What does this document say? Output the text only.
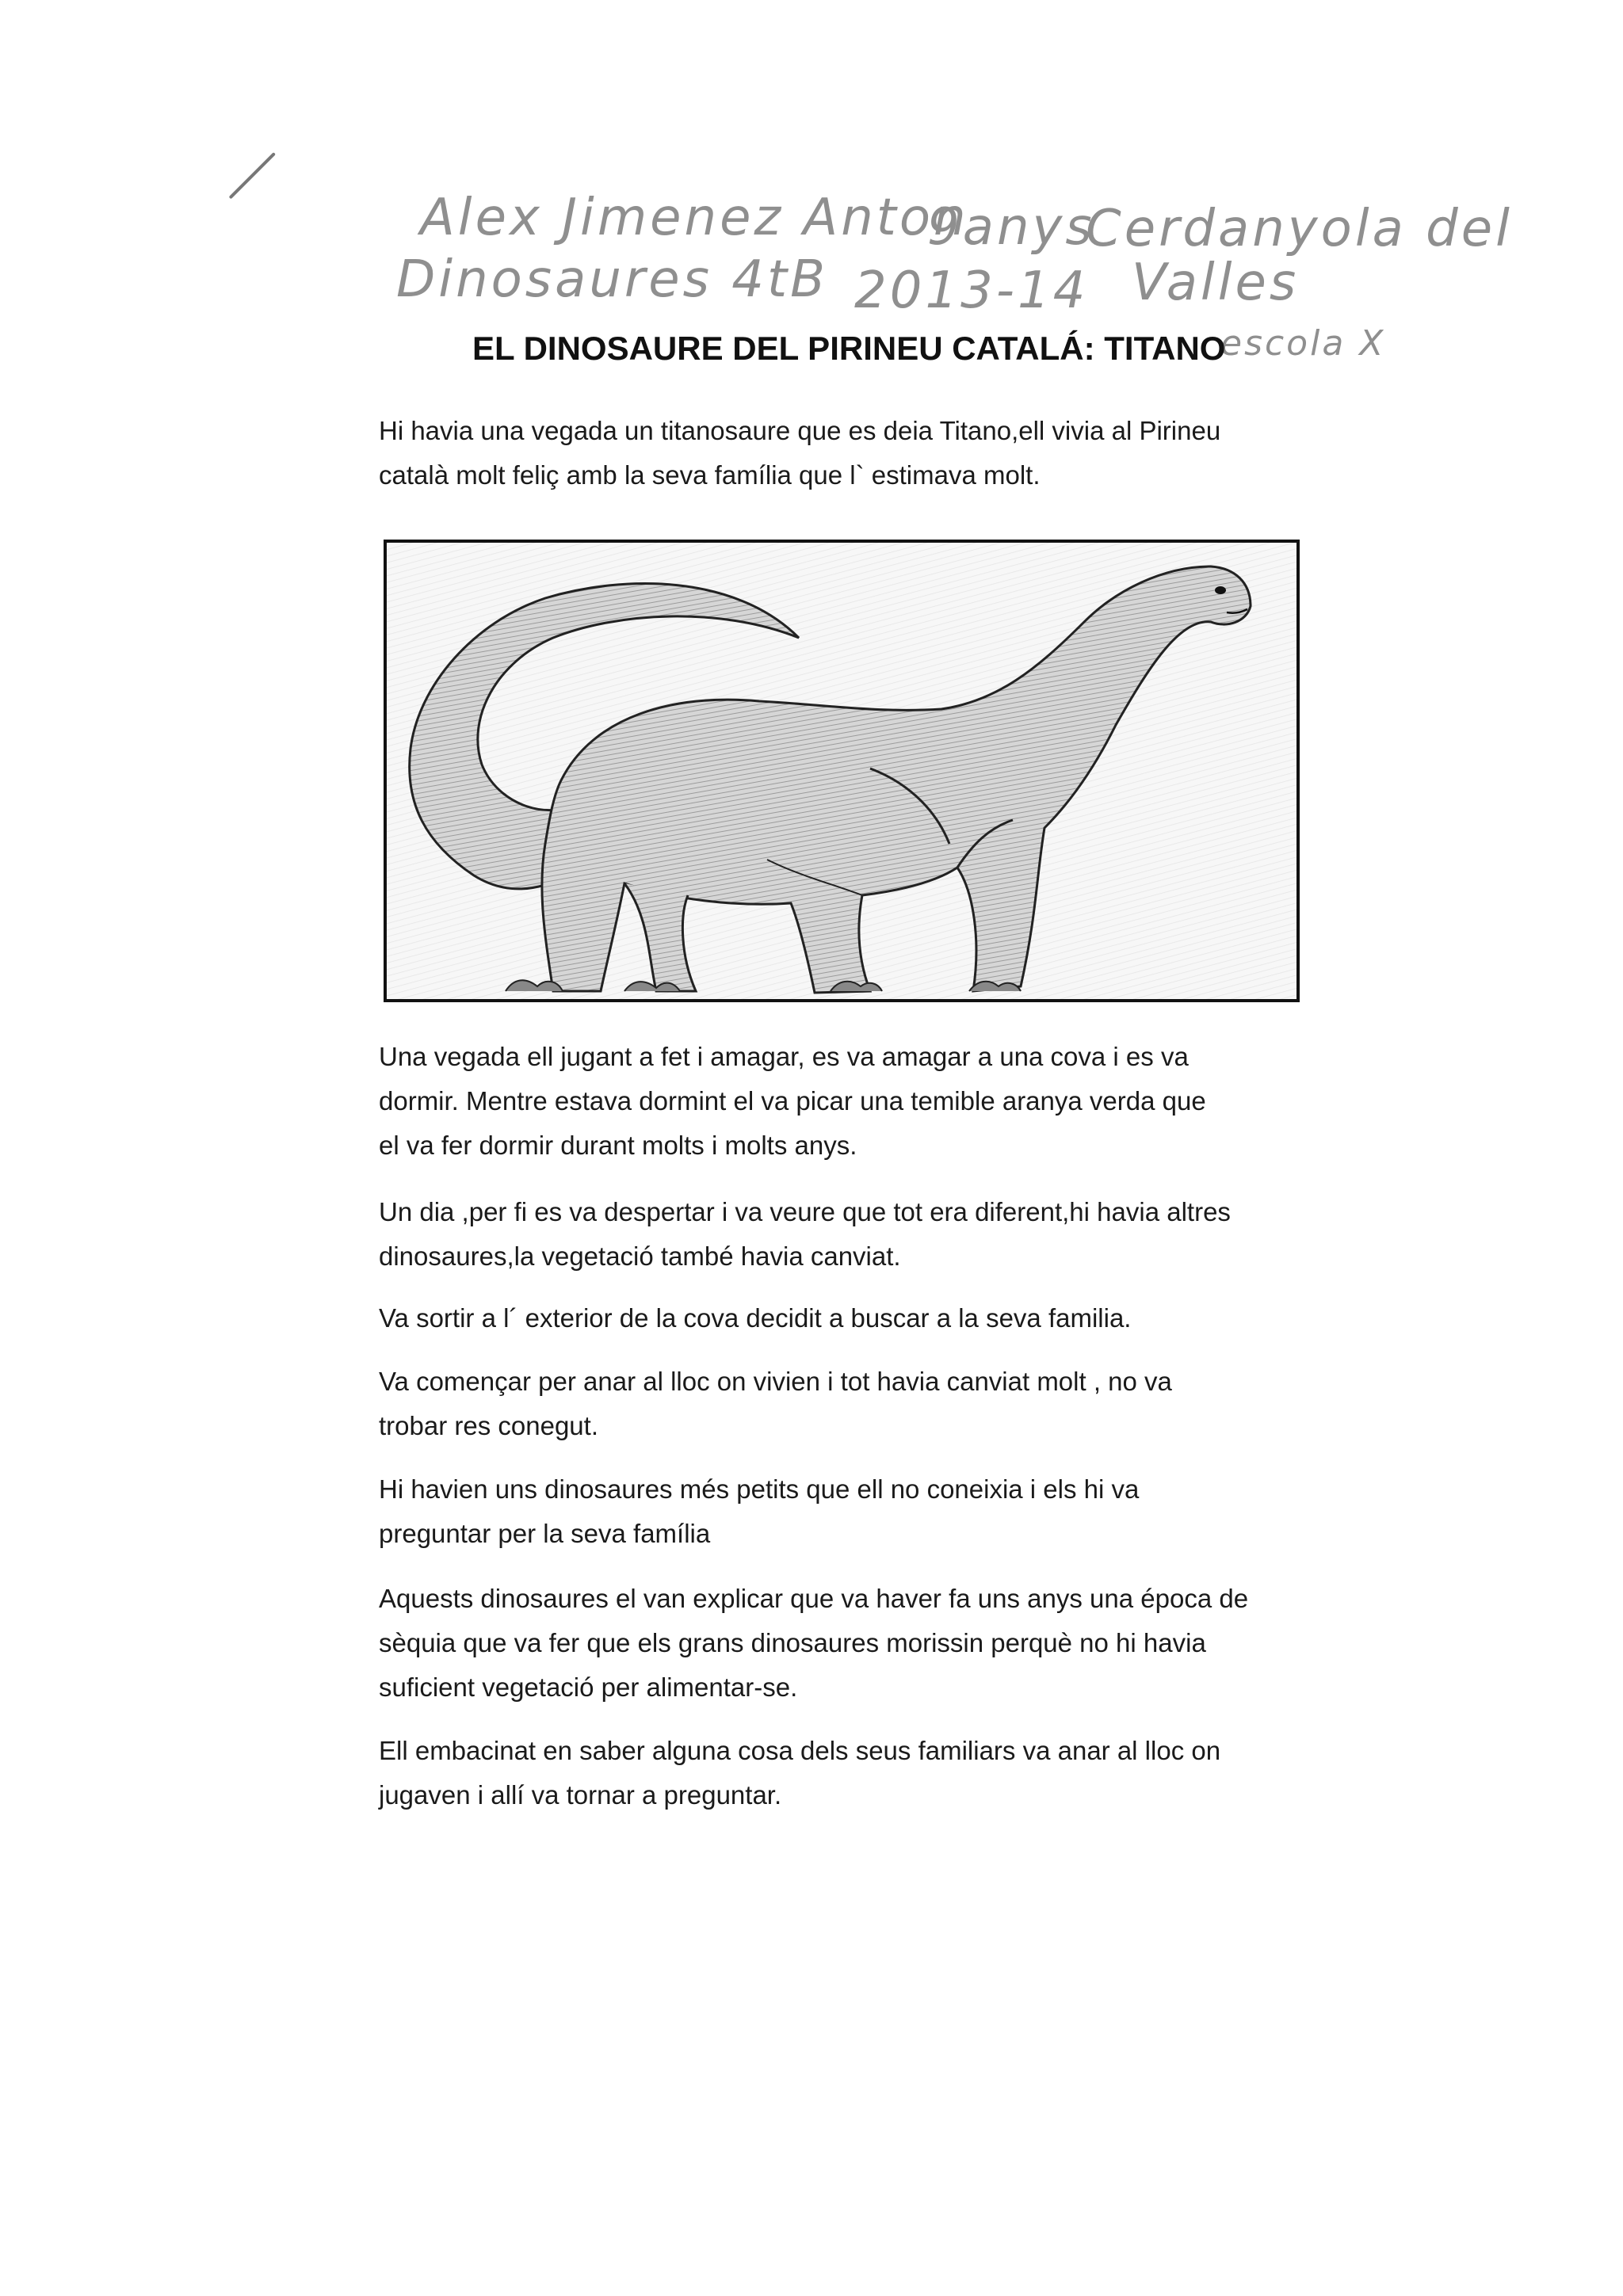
Alex Jimenez Anton
9anys
Cerdanyola del
Dinosaures 4tB 2013-14 Valles
escola X
EL DINOSAURE DEL PIRINEU CATALÁ: TITANO
Hi havia una vegada un titanosaure que es deia Titano,ell vivia al Pirineu
català molt feliç amb la seva família que l` estimava molt.
Una vegada ell jugant a fet i amagar, es va amagar a una cova i es va
dormir. Mentre estava dormint el va picar una temible aranya verda que
el va fer dormir durant molts i molts anys.
Un dia ,per fi es va despertar i va veure que tot era diferent,hi havia altres
dinosaures,la vegetació també havia canviat.
Va sortir a l´ exterior de la cova decidit a buscar a la seva familia.
Va començar per anar al lloc on vivien i tot havia canviat molt , no va
trobar res conegut.
Hi havien uns dinosaures més petits que ell no coneixia i els hi va
preguntar per la seva família
Aquests dinosaures el van explicar que va haver fa uns anys una época de
sèquia que va fer que els grans dinosaures morissin perquè no hi havia
suficient vegetació per alimentar-se.
Ell embacinat en saber alguna cosa dels seus familiars va anar al lloc on
jugaven i allí va tornar a preguntar.
